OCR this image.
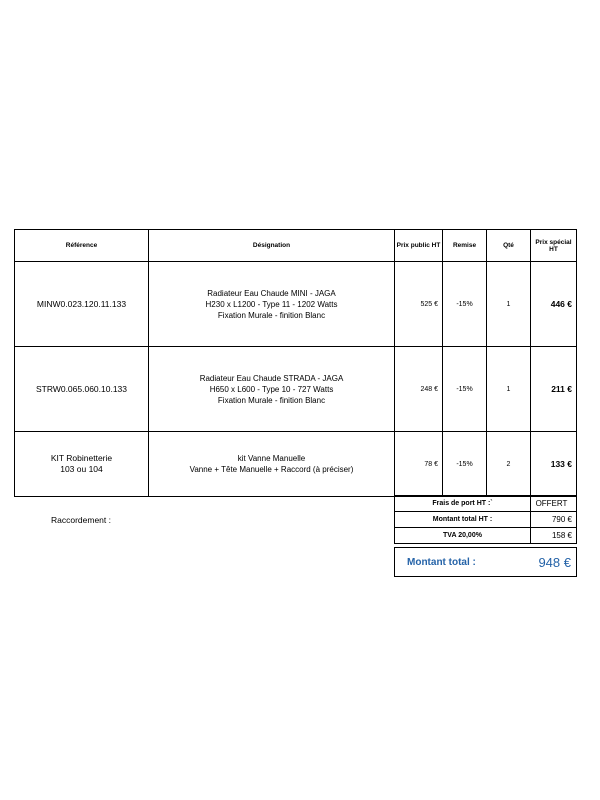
Référence	Désignation	Prix public HT	Remise	Qté	Prix spécial HT
MINW0.023.120.11.133	Radiateur Eau Chaude MINI - JAGA
H230 x L1200 - Type 11 - 1202 Watts
Fixation Murale - finition Blanc	525 €	-15%	1	446 €
STRW0.065.060.10.133	Radiateur Eau Chaude STRADA - JAGA
H650 x L600 - Type 10 - 727 Watts
Fixation Murale - finition Blanc	248 €	-15%	1	211 €

KIT Robinetterie
103 ou 104	kit Vanne Manuelle
Vanne + Tête Manuelle + Raccord (à préciser)	78 €	-15%	2	133 €
Raccordement :
Frais de port HT :`	OFFERT
Montant total HT :	790 €
TVA 20,00%	158 €

Montant total :	948 €
